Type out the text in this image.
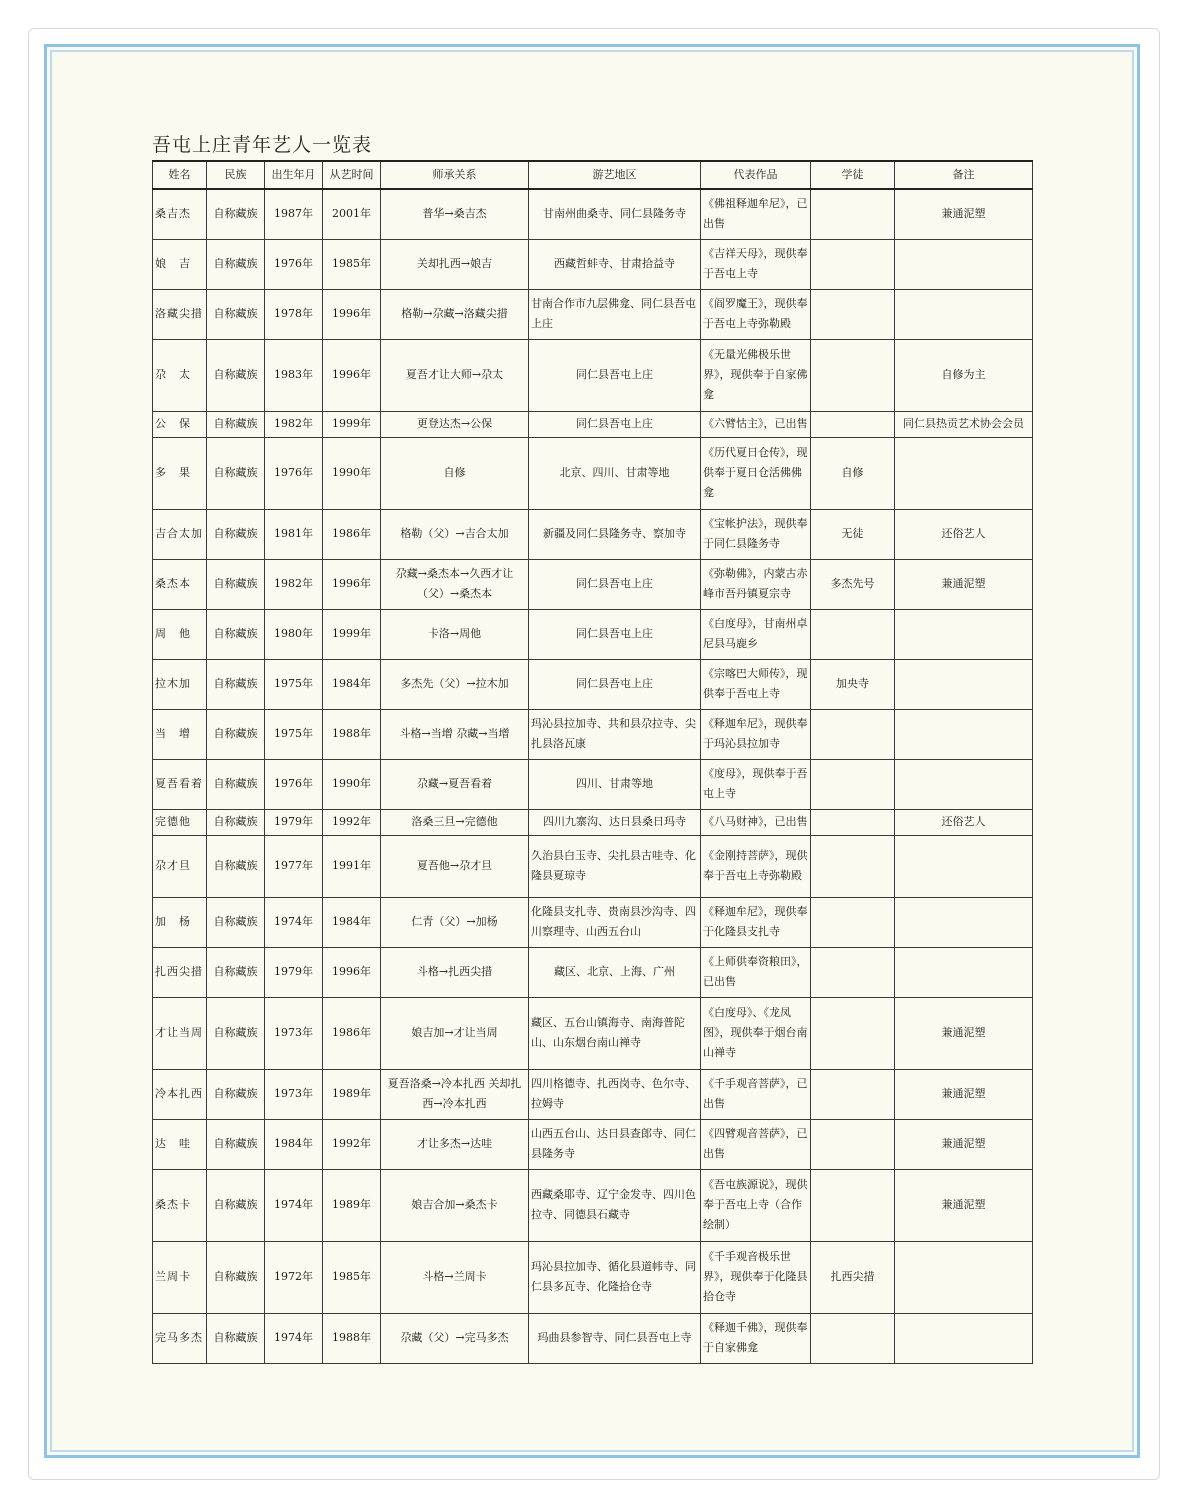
吾屯上庄青年艺人一览表
姓名	民族	出生年月	从艺时间	师承关系	游艺地区	代表作品	学徒	备注
桑吉杰	自称藏族	1987年	2001年	普华→桑吉杰	甘南州曲桑寺、同仁县隆务寺	《佛祖释迦牟尼》，已出售		兼通泥塑
娘　吉	自称藏族	1976年	1985年	关却扎西→娘吉	西藏哲蚌寺、甘肃拾益寺	《吉祥天母》，现供奉于吾屯上寺		
洛藏尖措	自称藏族	1978年	1996年	格勒→尕藏→洛藏尖措	甘南合作市九层佛龛、同仁县吾屯上庄	《阎罗魔王》，现供奉于吾屯上寺弥勒殿		
尕　太	自称藏族	1983年	1996年	夏吾才让大师→尕太	同仁县吾屯上庄	《无量光佛极乐世界》，现供奉于自家佛龛		自修为主
公　保	自称藏族	1982年	1999年	更登达杰→公保	同仁县吾屯上庄	《六臂怙主》，已出售		同仁县热贡艺术协会会员
多　果	自称藏族	1976年	1990年	自修	北京、四川、甘肃等地	《历代夏日仓传》，现供奉于夏日仓活佛佛龛	自修	
吉合太加	自称藏族	1981年	1986年	格勒（父）→吉合太加	新疆及同仁县隆务寺、察加寺	《宝帐护法》，现供奉于同仁县隆务寺	无徒	还俗艺人
桑杰本	自称藏族	1982年	1996年	尕藏→桑杰本→久西才让（父）→桑杰本	同仁县吾屯上庄	《弥勒佛》，内蒙古赤峰市吾丹镇夏宗寺	多杰先号	兼通泥塑
周　他	自称藏族	1980年	1999年	卡洛→周他	同仁县吾屯上庄	《白度母》，甘南州卓尼县马鹿乡		
拉木加	自称藏族	1975年	1984年	多杰先（父）→拉木加	同仁县吾屯上庄	《宗喀巴大师传》，现供奉于吾屯上寺	加央寺	
当　增	自称藏族	1975年	1988年	斗格→当增 尕藏→当增	玛沁县拉加寺、共和县尕拉寺、尖扎县洛瓦康	《释迦牟尼》，现供奉于玛沁县拉加寺		
夏吾看着	自称藏族	1976年	1990年	尕藏→夏吾看着	四川、甘肃等地	《度母》，现供奉于吾屯上寺		
完德他	自称藏族	1979年	1992年	洛桑三旦→完德他	四川九寨沟、达日县桑日玛寺	《八马财神》，已出售		还俗艺人
尕才旦	自称藏族	1977年	1991年	夏吾他→尕才旦	久治县白玉寺、尖扎县古哇寺、化隆县夏琼寺	《金刚持菩萨》，现供奉于吾屯上寺弥勒殿		
加　杨	自称藏族	1974年	1984年	仁青（父）→加杨	化隆县支扎寺、贵南县沙沟寺、四川察理寺、山西五台山	《释迦牟尼》，现供奉于化隆县支扎寺		
扎西尖措	自称藏族	1979年	1996年	斗格→扎西尖措	藏区、北京、上海、广州	《上师供奉资粮田》，已出售		
才让当周	自称藏族	1973年	1986年	娘吉加→才让当周	藏区、五台山镇海寺、南海普陀山、山东烟台南山禅寺	《白度母》、《龙凤图》，现供奉于烟台南山禅寺		兼通泥塑
冷本扎西	自称藏族	1973年	1989年	夏吾洛桑→冷本扎西 关却扎西→冷本扎西	四川格德寺、扎西岗寺、色尔寺、拉姆寺	《千手观音菩萨》，已出售		兼通泥塑
达　哇	自称藏族	1984年	1992年	才让多杰→达哇	山西五台山、达日县查郎寺、同仁县隆务寺	《四臂观音菩萨》，已出售		兼通泥塑
桑杰卡	自称藏族	1974年	1989年	娘吉合加→桑杰卡	西藏桑耶寺、辽宁金发寺、四川色拉寺、同德县石藏寺	《吾屯族源说》，现供奉于吾屯上寺（合作绘制）		兼通泥塑
兰周卡	自称藏族	1972年	1985年	斗格→兰周卡	玛沁县拉加寺、循化县道帏寺、同仁县多瓦寺、化隆拾仓寺	《千手观音极乐世界》，现供奉于化隆县拾仓寺	扎西尖措	
完马多杰	自称藏族	1974年	1988年	尕藏（父）→完马多杰	玛曲县参智寺、同仁县吾屯上寺	《释迦千佛》，现供奉于自家佛龛		
